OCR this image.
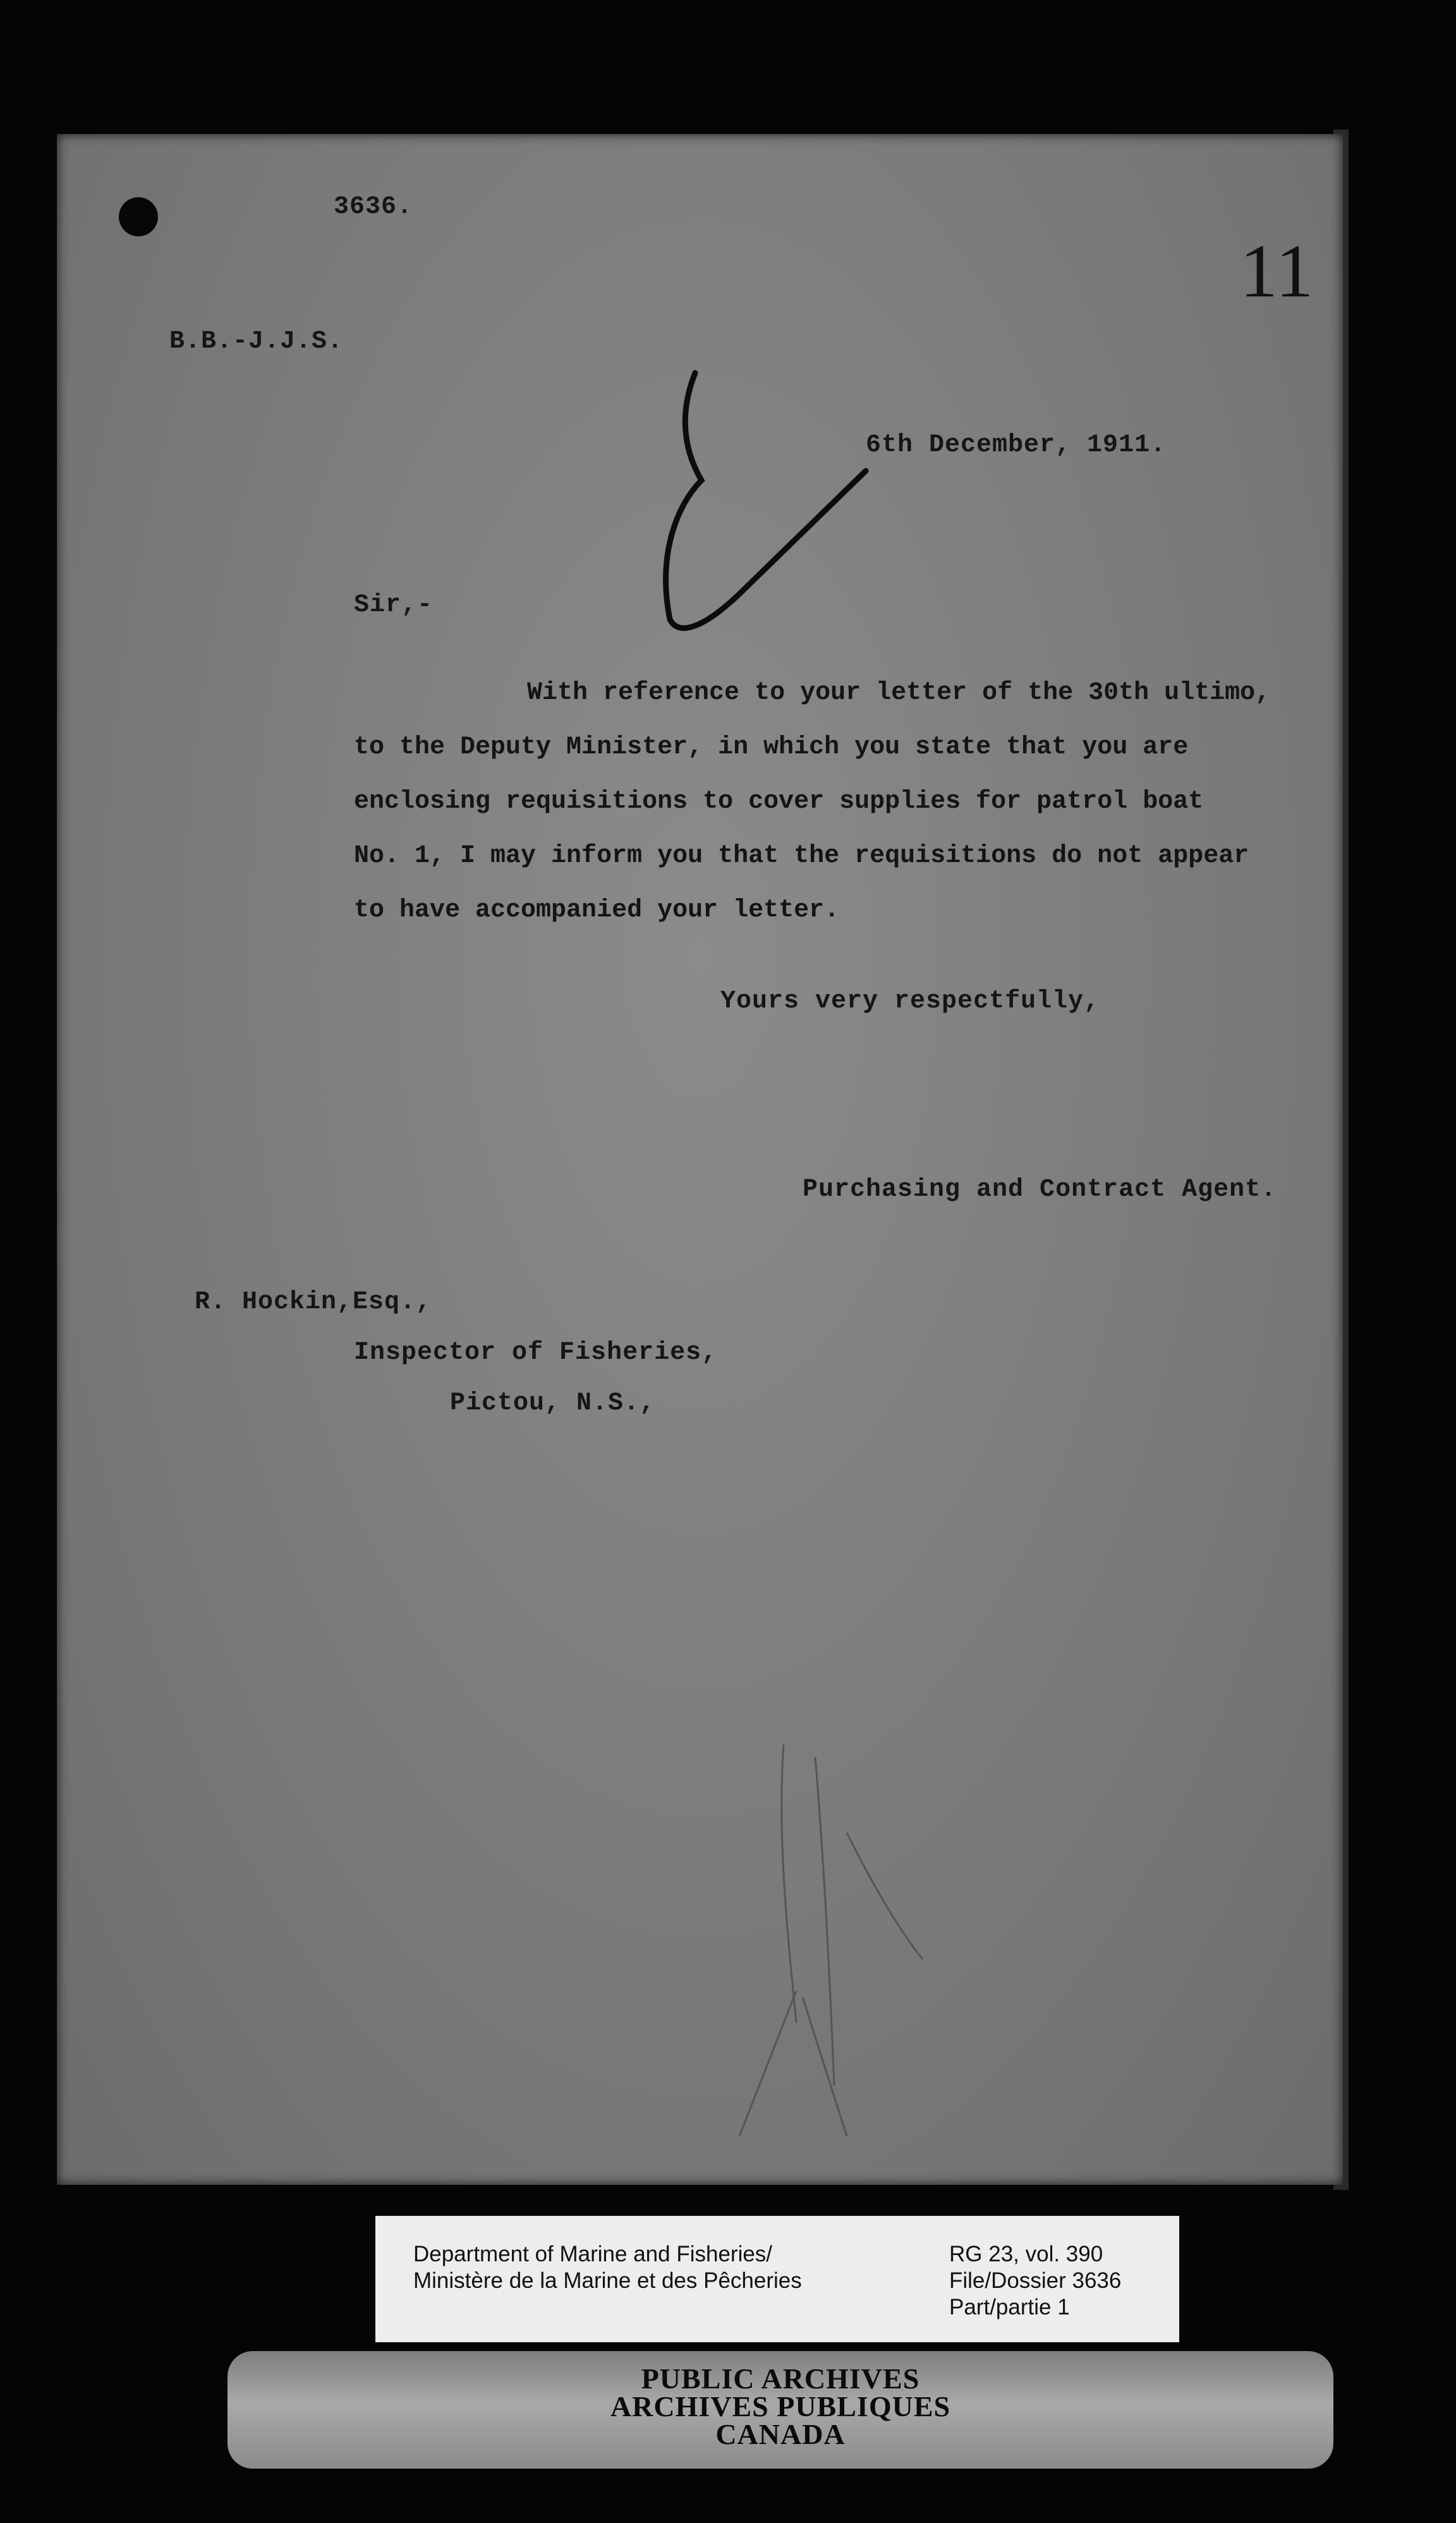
3636.
B.B.-J.J.S.
11
6th December, 1911.
Sir,-
With reference to your letter of the 30th ultimo,
to the Deputy Minister, in which you state that you are
enclosing requisitions to cover supplies for patrol boat
No. 1, I may inform you that the requisitions do not appear
to have accompanied your letter.
Yours very respectfully,
Purchasing and Contract Agent.
R. Hockin,Esq.,
Inspector of Fisheries,
Pictou, N.S.,
Department of Marine and Fisheries/
Ministère de la Marine et des Pêcheries
RG 23, vol. 390
File/Dossier 3636
Part/partie 1
PUBLIC ARCHIVES
ARCHIVES PUBLIQUES
CANADA
